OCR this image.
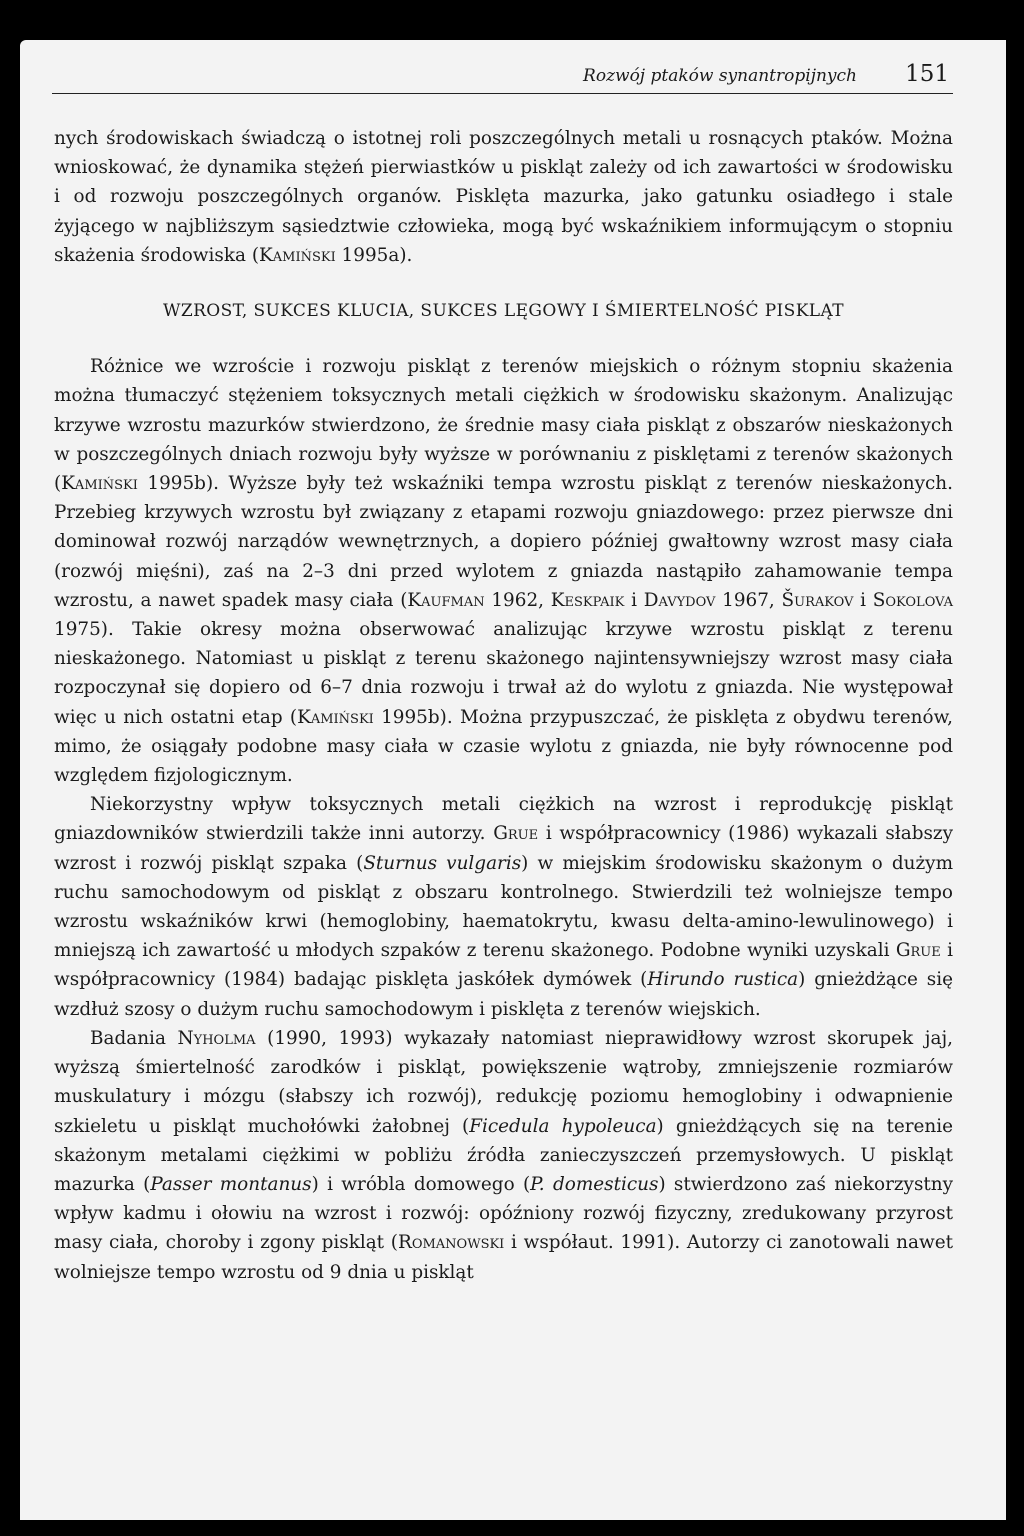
Rozwój ptaków synantropijnych 151

nych środowiskach świadczą o istotnej roli poszczególnych metali u rosnących ptaków. Można wnioskować, że dynamika stężeń pierwiastków u piskląt zależy od ich zawartości w środowisku i od rozwoju poszczególnych organów. Pisklęta mazurka, jako gatunku osiadłego i stale żyjącego w najbliższym sąsiedztwie człowieka, mogą być wskaźnikiem informującym o stopniu skażenia środowiska (Kamiński 1995a).

WZROST, SUKCES KLUCIA, SUKCES LĘGOWY I ŚMIERTELNOŚĆ PISKLĄT

Różnice we wzroście i rozwoju piskląt z terenów miejskich o różnym stopniu skażenia można tłumaczyć stężeniem toksycznych metali ciężkich w środowisku skażonym. Analizując krzywe wzrostu mazurków stwierdzono, że średnie masy ciała piskląt z obszarów nieskażonych w poszczególnych dniach rozwoju były wyższe w porównaniu z pisklętami z terenów skażonych (Kamiński 1995b). Wyższe były też wskaźniki tempa wzrostu piskląt z terenów nieskażonych. Przebieg krzywych wzrostu był związany z etapami rozwoju gniazdowego: przez pierwsze dni dominował rozwój narządów wewnętrznych, a dopiero później gwałtowny wzrost masy ciała (rozwój mięśni), zaś na 2–3 dni przed wylotem z gniazda nastąpiło zahamowanie tempa wzrostu, a nawet spadek masy ciała (Kaufman 1962, Keskpaik i Davydov 1967, Šurakov i Sokolova 1975). Takie okresy można obserwować analizując krzywe wzrostu piskląt z terenu nieskażonego. Natomiast u piskląt z terenu skażonego najintensywniejszy wzrost masy ciała rozpoczynał się dopiero od 6–7 dnia rozwoju i trwał aż do wylotu z gniazda. Nie występował więc u nich ostatni etap (Kamiński 1995b). Można przypuszczać, że pisklęta z obydwu terenów, mimo, że osiągały podobne masy ciała w czasie wylotu z gniazda, nie były równocenne pod względem fizjologicznym.

Niekorzystny wpływ toksycznych metali ciężkich na wzrost i reprodukcję piskląt gniazdowników stwierdzili także inni autorzy. Grue i współpracownicy (1986) wykazali słabszy wzrost i rozwój piskląt szpaka (Sturnus vulgaris) w miejskim środowisku skażonym o dużym ruchu samochodowym od piskląt z obszaru kontrolnego. Stwierdzili też wolniejsze tempo wzrostu wskaźników krwi (hemoglobiny, haematokrytu, kwasu delta-amino-lewulinowego) i mniejszą ich zawartość u młodych szpaków z terenu skażonego. Podobne wyniki uzyskali Grue i współpracownicy (1984) badając pisklęta jaskółek dymówek (Hirundo rustica) gnieżdżące się wzdłuż szosy o dużym ruchu samochodowym i pisklęta z terenów wiejskich.

Badania Nyholma (1990, 1993) wykazały natomiast nieprawidłowy wzrost skorupek jaj, wyższą śmiertelność zarodków i piskląt, powiększenie wątroby, zmniejszenie rozmiarów muskulatury i mózgu (słabszy ich rozwój), redukcję poziomu hemoglobiny i odwapnienie szkieletu u piskląt muchołówki żałobnej (Ficedula hypoleuca) gnieżdżących się na terenie skażonym metalami ciężkimi w pobliżu źródła zanieczyszczeń przemysłowych. U piskląt mazurka (Passer montanus) i wróbla domowego (P. domesticus) stwierdzono zaś niekorzystny wpływ kadmu i ołowiu na wzrost i rozwój: opóźniony rozwój fizyczny, zredukowany przyrost masy ciała, choroby i zgony piskląt (Romanowski i współaut. 1991). Autorzy ci zanotowali nawet wolniejsze tempo wzrostu od 9 dnia u piskląt
